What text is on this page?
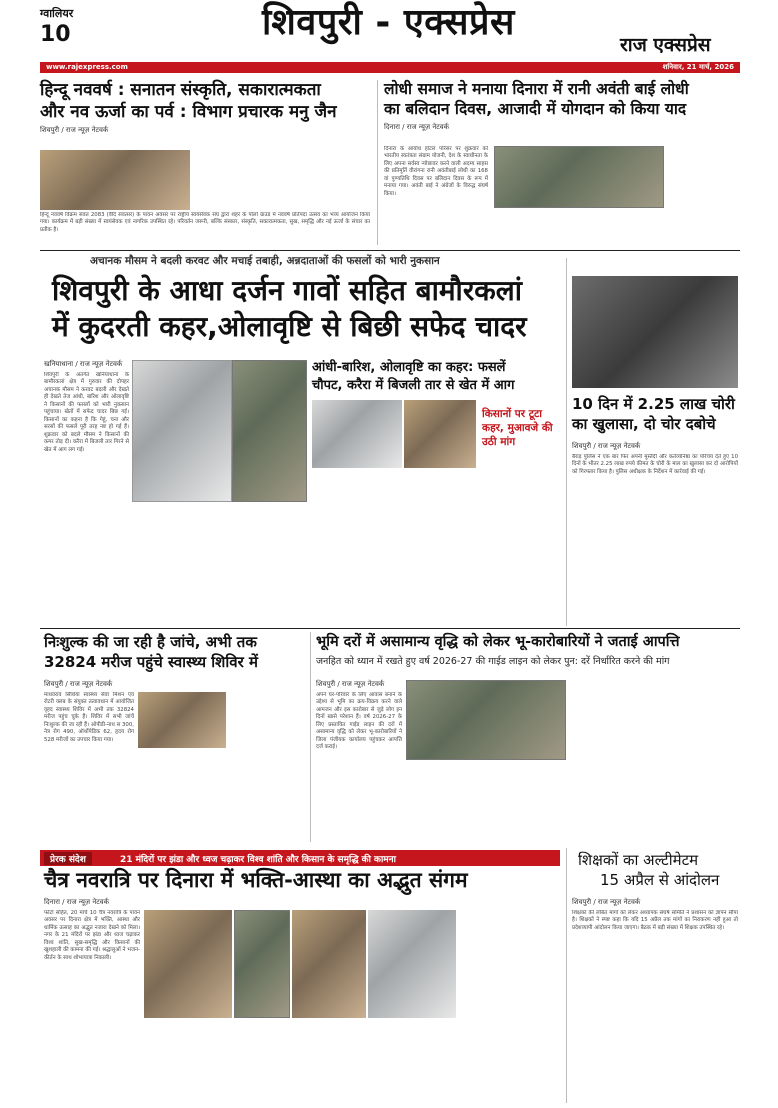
ग्वालियर
10	शिवपुरी - एक्सप्रेस
राज एक्सप्रेस
www.rajexpress.com	शनिवार, 21 मार्च, 2026
हिन्दू नववर्ष : सनातन संस्कृति, सकारात्मकता
और नव ऊर्जा का पर्व : विभाग प्रचारक मनु जैन
शिवपुरी / राज न्यूज़ नेटवर्क
हिन्दू नववर्ष विक्रम संवत 2083 (वैदि संवत्सर) के पावन अवसर पर राष्ट्रीय स्वयंसेवक संघ द्वारा शहर के पोलो ग्राउंड में नववर्ष प्रतिपदा उत्सव का भव्य आयोजन किया गया। कार्यक्रम में बड़ी संख्या में स्वयंसेवक एवं नागरिक उपस्थित रहे। परिवर्तन जरूरी, बल्कि संस्कार, संस्कृति, सकारात्मकता, सुख, समृद्धि और नई ऊर्जा के संचार का प्रतीक है।
लोधी समाज ने मनाया दिनारा में रानी अवंती बाई लोधी
का बलिदान दिवस, आजादी में योगदान को किया याद
दिनारा / राज न्यूज़ नेटवर्क
दिनारा के आयोध होटल परिसर पर शुक्रवार को भारतीय स्वतंत्रता संग्राम योजनी, देश के स्वाधीनता के लिए अपना सर्वस्व न्योछावर करने वाली अदम्य साहस की प्रतिमूर्ति वीरांगना रानी अवंतीबाई लोधी का 168 वां पुण्यतिथि दिवस पर बलिदान दिवस के रूप में मनाया गया। अवंती बाई ने अंग्रेजों के विरुद्ध संघर्ष किया।
अचानक मौसम ने बदली करवट और मचाई तबाही, अन्नदाताओं की फसलों को भारी नुकसान
शिवपुरी के आधा दर्जन गावों सहित बामौरकलां
में कुदरती कहर,ओलावृष्टि से बिछी सफेद चादर
खनियाधाना / राज न्यूज़ नेटवर्क
शिवपुरी के अंतर्गत खनियाधाना के बामौरकलां क्षेत्र में गुरुवार की दोपहर अचानक मौसम ने करवट बदली और देखते ही देखते तेज आंधी, बारिश और ओलावृष्टि ने किसानों की फसलों को भारी नुकसान पहुंचाया। खेतों में सफेद चादर बिछ गई। किसानों का कहना है कि गेहूं, चना और सरसों की फसलें पूरी तरह नष्ट हो गई हैं। शुक्रवार को बदले मौसम ने किसानों की कमर तोड़ दी। करैरा में बिजली तार गिरने से खेत में आग लग गई।
आंधी-बारिश, ओलावृष्टि का कहर: फसलें
चौपट, करैरा में बिजली तार से खेत में आग
किसानों पर टूटा
कहर, मुआवजे की
उठी मांग
10 दिन में 2.25 लाख चोरी
का खुलासा, दो चोर दबोचे
शिवपुरी / राज न्यूज़ नेटवर्क
बैराड़ पुलिस ने एक बार फिर अपनी मुस्तैदी और कर्तव्यनिष्ठा का परिचय देते हुए 10 दिनों के भीतर 2.25 लाख रुपये कीमत के चोरी के माल का खुलासा कर दो आरोपियों को गिरफ्तार किया है। पुलिस अधीक्षक के निर्देशन में कार्रवाई की गई।
निःशुल्क की जा रही है जांचे, अभी तक
32824 मरीज पहुंचे स्वास्थ्य शिविर में
शिवपुरी / राज न्यूज़ नेटवर्क
माधवराव सिंधिया स्वास्थ्य सेवा मिशन एवं रोटरी क्लब के संयुक्त तत्वावधान में आयोजित वृहद स्वास्थ्य शिविर में अभी तक 32824 मरीज पहुंच चुके हैं। शिविर में सभी जांचें निःशुल्क की जा रही हैं। ओपीडी-नाथ स 300, नेत्र रोग 490, ऑर्थोपेडिक 62, हृदय रोग 528 मरीजों का उपचार किया गया।
भूमि दरों में असामान्य वृद्धि को लेकर भू-कारोबारियों ने जताई आपत्ति
जनहित को ध्यान में रखते हुए वर्ष 2026-27 की गाईड लाइन को लेकर पुन: दरें निर्धारित करने की मांग
शिवपुरी / राज न्यूज़ नेटवर्क
अपने घर-परिवार के लिए आवास बनाने के उद्देश्य से भूमि का क्रय-विक्रय करने वाले आमजन और इस कारोबार से जुड़े लोग इन दिनों खासे परेशान हैं। वर्ष 2026-27 के लिए प्रस्तावित गाईड लाइन की दरों में असामान्य वृद्धि को लेकर भू-कारोबारियों ने जिला पंजीयक कार्यालय पहुंचकर आपत्ति दर्ज कराई।
प्रेरक संदेश	21 मंदिरों पर झंडा और ध्वज चढ़ाकर विश्व शांति और किसान के समृद्धि की कामना
चैत्र नवरात्रि पर दिनारा में भक्ति-आस्था का अद्भुत संगम
दिनारा / राज न्यूज़ नेटवर्क
फोटो सहित, 20 मार्च 10 चैत्र नवरात्रि के पावन अवसर पर दिनारा क्षेत्र में भक्ति, आस्था और धार्मिक उत्साह का अद्भुत नजारा देखने को मिला। नगर के 21 मंदिरों पर झंडा और ध्वज चढ़ाकर विश्व शांति, सुख-समृद्धि और किसानों की खुशहाली की कामना की गई। श्रद्धालुओं ने भजन-कीर्तन के साथ शोभायात्रा निकाली।
शिक्षकों का अल्टीमेटम
15 अप्रैल से आंदोलन
शिवपुरी / राज न्यूज़ नेटवर्क
शिक्षकों की लंबित मांगों को लेकर अध्यापक संघर्ष समिति ने प्रशासन को ज्ञापन सौंपा है। शिक्षकों ने स्पष्ट कहा कि यदि 15 अप्रैल तक मांगों का निराकरण नहीं हुआ तो प्रदेशव्यापी आंदोलन किया जाएगा। बैठक में बड़ी संख्या में शिक्षक उपस्थित रहे।
